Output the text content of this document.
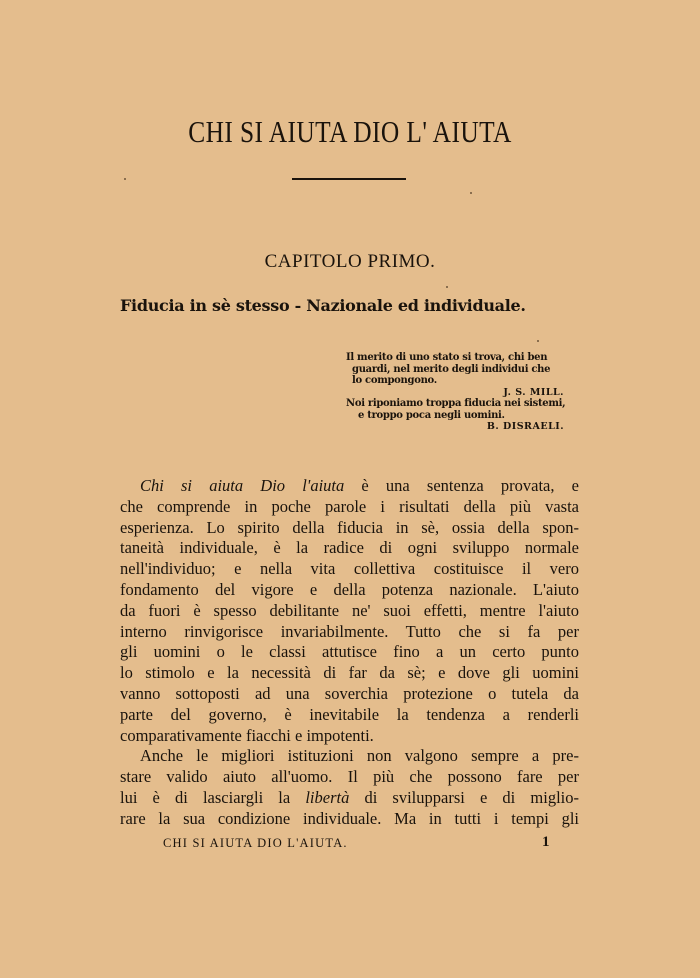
CHI SI AIUTA DIO L' AIUTA
CAPITOLO PRIMO.
Fiducia in sè stesso - Nazionale ed individuale.
Il merito di uno stato si trova, chi ben
guardi, nel merito degli individui che
lo compongono.
J. S. MILL.
Noi riponiamo troppa fiducia nei sistemi,
e troppo poca negli uomini.
B. DISRAELI.
Chi si aiuta Dio l'aiuta è una sentenza provata, e
che comprende in poche parole i risultati della più vasta
esperienza. Lo spirito della fiducia in sè, ossia della spon-
taneità individuale, è la radice di ogni sviluppo normale
nell'individuo; e nella vita collettiva costituisce il vero
fondamento del vigore e della potenza nazionale. L'aiuto
da fuori è spesso debilitante ne' suoi effetti, mentre l'aiuto
interno rinvigorisce invariabilmente. Tutto che si fa per
gli uomini o le classi attutisce fino a un certo punto
lo stimolo e la necessità di far da sè; e dove gli uomini
vanno sottoposti ad una soverchia protezione o tutela da
parte del governo, è inevitabile la tendenza a renderli
comparativamente fiacchi e impotenti.
Anche le migliori istituzioni non valgono sempre a pre-
stare valido aiuto all'uomo. Il più che possono fare per
lui è di lasciargli la libertà di svilupparsi e di miglio-
rare la sua condizione individuale. Ma in tutti i tempi gli
CHI SI AIUTA DIO L'AIUTA.	1
